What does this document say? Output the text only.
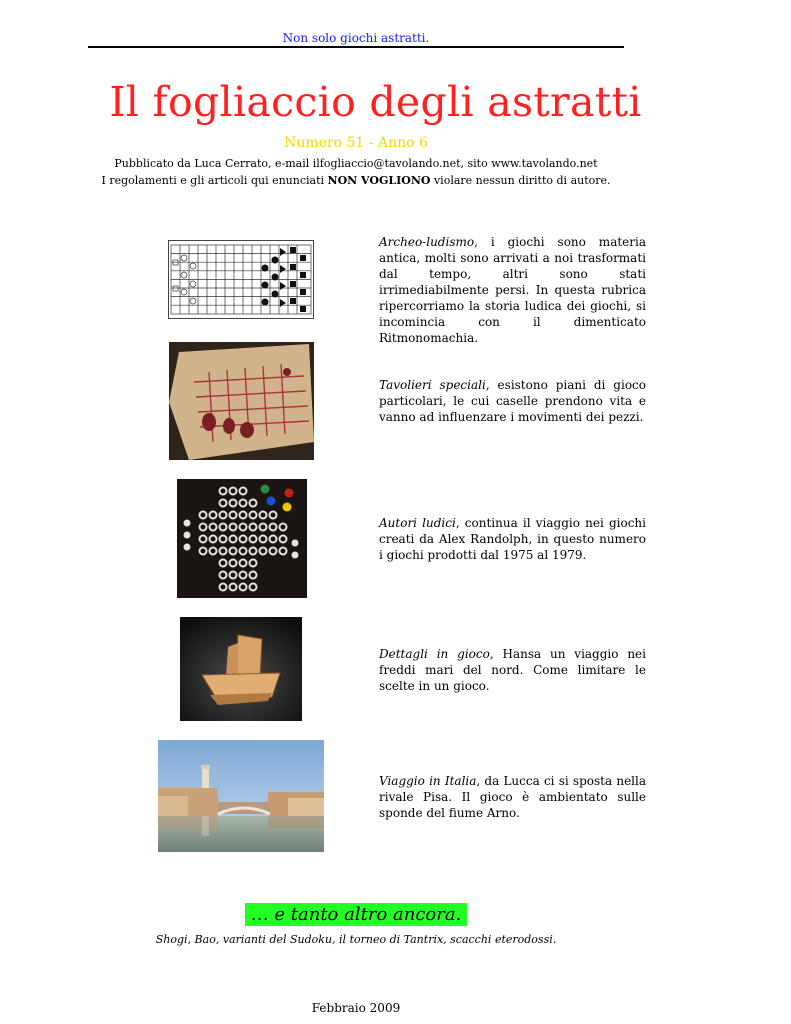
Non solo giochi astratti.
Il fogliaccio degli astratti
Numero 51 - Anno 6
Pubblicato da Luca Cerrato, e-mail ilfogliaccio@tavolando.net, sito www.tavolando.net
I regolamenti e gli articoli qui enunciati NON VOGLIONO violare nessun diritto di autore.
Archeo-ludismo, i giochi sono materia antica, molti sono arrivati a noi trasformati dal tempo, altri sono stati irrimediabilmente persi. In questa rubrica ripercorriamo la storia ludica dei giochi, si incomincia con il dimenticato Ritmonomachia.
Tavolieri speciali, esistono piani di gioco particolari, le cui caselle prendono vita e vanno ad influenzare i movimenti dei pezzi.
Autori ludici, continua il viaggio nei giochi creati da Alex Randolph, in questo numero i giochi prodotti dal 1975 al 1979.
Dettagli in gioco, Hansa un viaggio nei freddi mari del nord. Come limitare le scelte in un gioco.
Viaggio in Italia, da Lucca ci si sposta nella rivale Pisa. Il gioco è ambientato sulle sponde del fiume Arno.
… e tanto altro ancora.
Shogi, Bao, varianti del Sudoku, il torneo di Tantrix, scacchi eterodossi.
Febbraio 2009
